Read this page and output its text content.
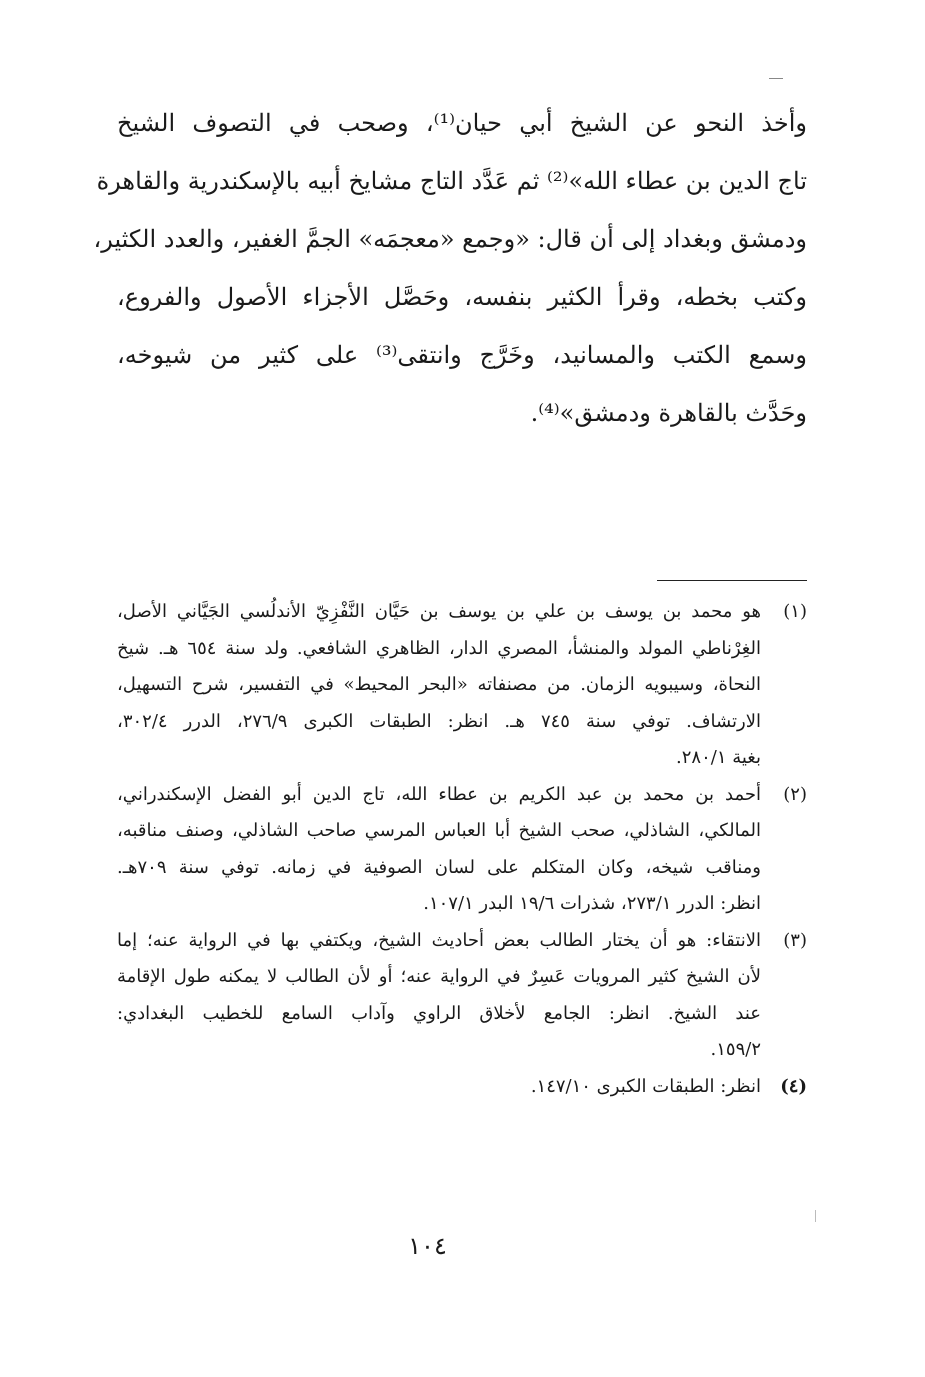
وأخذ النحو عن الشيخ أبي حيان⁽¹⁾، وصحب في التصوف الشيخ
تاج الدين بن عطاء الله»⁽²⁾ ثم عَدَّد التاج مشايخ أبيه بالإسكندرية والقاهرة
ودمشق وبغداد إلى أن قال: «وجمع «معجمَه» الجمَّ الغفير، والعدد الكثير،
وكتب بخطه، وقرأ الكثير بنفسه، وحَصَّل الأجزاء الأصول والفروع،
وسمع الكتب والمسانيد، وخَرَّج وانتقى⁽³⁾ على كثير من شيوخه،
وحَدَّث بالقاهرة ودمشق»⁽⁴⁾.
(١)
هو محمد بن يوسف بن علي بن يوسف بن حَيَّان النَّفْزِيّ الأندلُسي الجَيَّاني الأصل،
الغِرْناطي المولد والمنشأ، المصري الدار، الظاهري الشافعي. ولد سنة ٦٥٤ هـ. شيخ
النحاة، وسيبويه الزمان. من مصنفاته «البحر المحيط» في التفسير، شرح التسهيل،
الارتشاف. توفي سنة ٧٤٥ هـ. انظر: الطبقات الكبرى ٢٧٦/٩، الدرر ٣٠٢/٤،
بغية ٢٨٠/١.
(٢)
أحمد بن محمد بن عبد الكريم بن عطاء الله، تاج الدين أبو الفضل الإسكندراني،
المالكي، الشاذلي، صحب الشيخ أبا العباس المرسي صاحب الشاذلي، وصنف مناقبه،
ومناقب شيخه، وكان المتكلم على لسان الصوفية في زمانه. توفي سنة ٧٠٩هـ.
انظر: الدرر ٢٧٣/١، شذرات ١٩/٦ البدر ١٠٧/١.
(٣)
الانتقاء: هو أن يختار الطالب بعض أحاديث الشيخ، ويكتفي بها في الرواية عنه؛ إما
لأن الشيخ كثير المرويات عَسِرٌ في الرواية عنه؛ أو لأن الطالب لا يمكنه طول الإقامة
عند الشيخ. انظر: الجامع لأخلاق الراوي وآداب السامع للخطيب البغدادي:
١٥٩/٢.
(٤)
انظر: الطبقات الكبرى ١٤٧/١٠.
١٠٤
